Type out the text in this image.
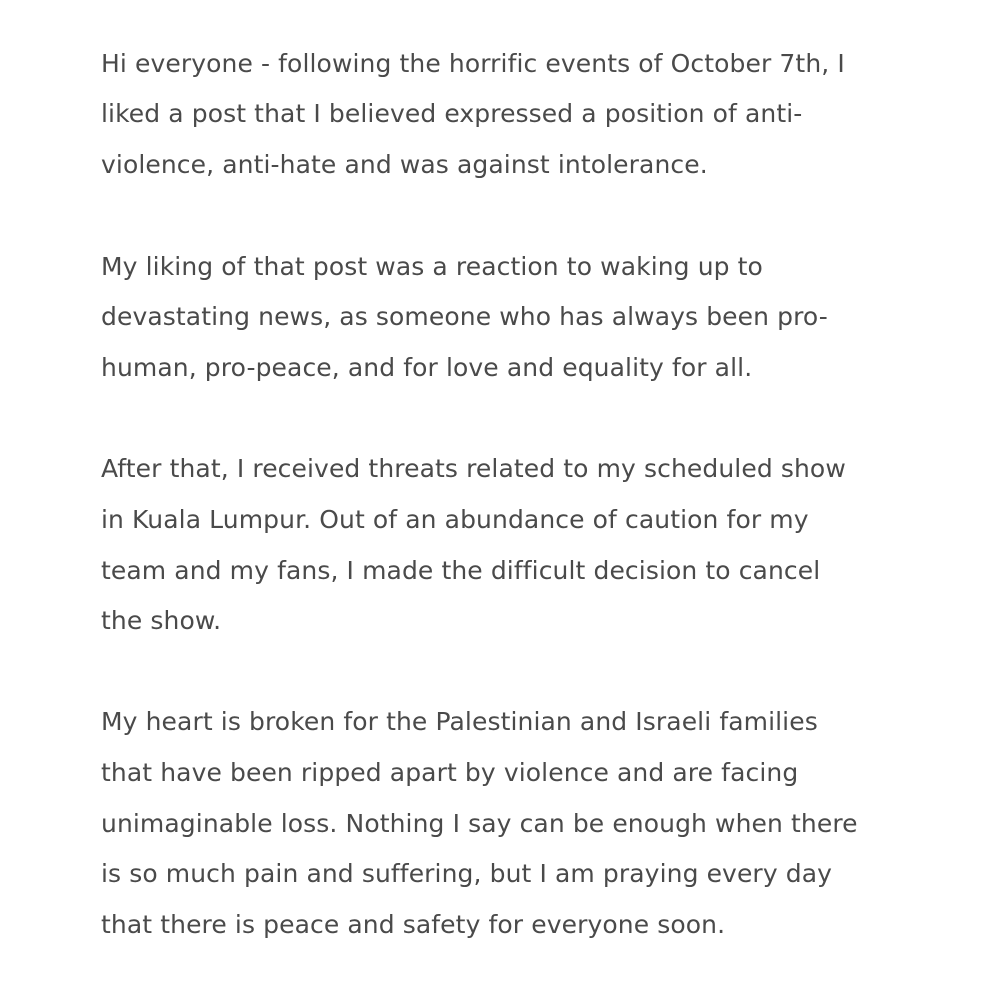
Hi everyone - following the horrific events of October 7th, I

liked a post that I believed expressed a position of anti-

violence, anti-hate and was against intolerance.

My liking of that post was a reaction to waking up to

devastating news, as someone who has always been pro-

human, pro-peace, and for love and equality for all.

After that, I received threats related to my scheduled show

in Kuala Lumpur. Out of an abundance of caution for my

team and my fans, I made the difficult decision to cancel

the show.

My heart is broken for the Palestinian and Israeli families

that have been ripped apart by violence and are facing

unimaginable loss. Nothing I say can be enough when there

is so much pain and suffering, but I am praying every day

that there is peace and safety for everyone soon.
